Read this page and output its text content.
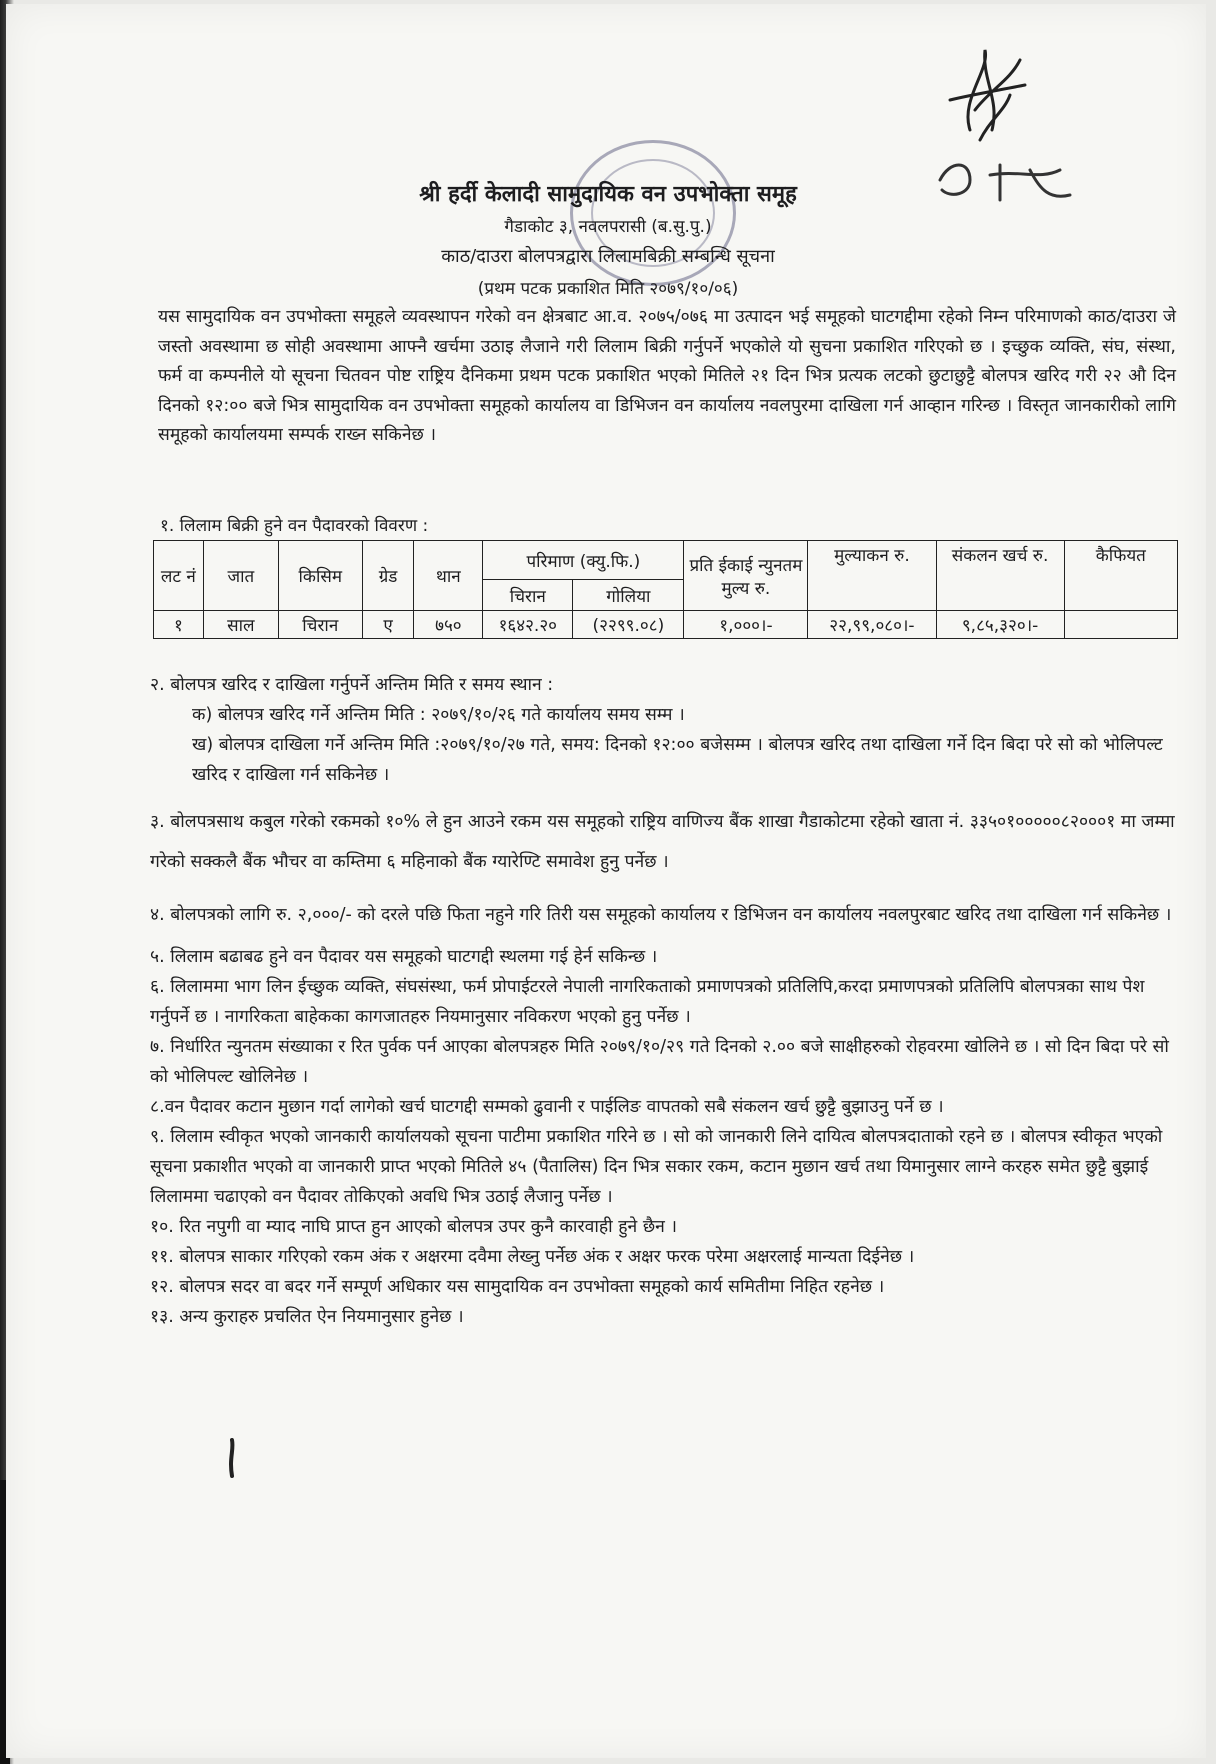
श्री हर्दी केलादी सामुदायिक वन उपभोक्ता समूह
गैडाकोट ३, नवलपरासी (ब.सु.पु.)
काठ/दाउरा बोलपत्रद्वारा लिलामबिक्री सम्बन्धि सूचना
(प्रथम पटक प्रकाशित मिति २०७९/१०/०६)

यस सामुदायिक वन उपभोक्ता समूहले व्यवस्थापन गरेको वन क्षेत्रबाट आ.व. २०७५/०७६ मा उत्पादन भई समूहको घाटगद्दीमा रहेको निम्न परिमाणको काठ/दाउरा जे जस्तो अवस्थामा छ सोही अवस्थामा आफ्नै खर्चमा उठाइ लैजाने गरी लिलाम बिक्री गर्नुपर्ने भएकोले यो सुचना प्रकाशित गरिएको छ । इच्छुक व्यक्ति, संघ, संस्था, फर्म वा कम्पनीले यो सूचना चितवन पोष्ट राष्ट्रिय दैनिकमा प्रथम पटक प्रकाशित भएको मितिले २१ दिन भित्र प्रत्यक लटको छुटाछुट्टै बोलपत्र खरिद गरी २२ औ दिन दिनको १२:०० बजे भित्र सामुदायिक वन उपभोक्ता समूहको कार्यालय वा डिभिजन वन कार्यालय नवलपुरमा दाखिला गर्न आव्हान गरिन्छ । विस्तृत जानकारीको लागि समूहको कार्यालयमा सम्पर्क राख्न सकिनेछ ।

१. लिलाम बिक्री हुने वन पैदावरको विवरण :
लट नं	जात	किसिम	ग्रेड	थान	परिमाण (क्यु.फि.)		प्रति ईकाई न्युनतम मुल्य रु.	मुल्याकन रु.	संकलन खर्च रु.	कैफियत
					चिरान	गोलिया				
१	साल	चिरान	ए	७५०	१६४२.२०	(२२९९.०८)	१,०००।-	२२,९९,०८०।-	९,८५,३२०।-	

२. बोलपत्र खरिद र दाखिला गर्नुपर्ने अन्तिम मिति र समय स्थान :

क) बोलपत्र खरिद गर्ने अन्तिम मिति : २०७९/१०/२६ गते कार्यालय समय सम्म ।

ख) बोलपत्र दाखिला गर्ने अन्तिम मिति :२०७९/१०/२७ गते, समय: दिनको १२:०० बजेसम्म । बोलपत्र खरिद तथा दाखिला गर्ने दिन बिदा परे सो को भोलिपल्ट खरिद र दाखिला गर्न सकिनेछ ।

३. बोलपत्रसाथ कबुल गरेको रकमको १०% ले हुन आउने रकम यस समूहको राष्ट्रिय वाणिज्य बैंक शाखा गैडाकोटमा रहेको खाता नं. ३३५०१०००००८२०००१ मा जम्मा गरेको सक्कलै बैंक भौचर वा कम्तिमा ६ महिनाको बैंक ग्यारेण्टि समावेश हुनु पर्नेछ ।

४. बोलपत्रको लागि रु. २,०००/- को दरले पछि फिता नहुने गरि तिरी यस समूहको कार्यालय र डिभिजन वन कार्यालय नवलपुरबाट खरिद तथा दाखिला गर्न सकिनेछ ।

५. लिलाम बढाबढ हुने वन पैदावर यस समूहको घाटगद्दी स्थलमा गई हेर्न सकिन्छ ।

६. लिलाममा भाग लिन ईच्छुक व्यक्ति, संघसंस्था, फर्म प्रोपाईटरले नेपाली नागरिकताको प्रमाणपत्रको प्रतिलिपि,करदा प्रमाणपत्रको प्रतिलिपि बोलपत्रका साथ पेश गर्नुपर्ने छ । नागरिकता बाहेकका कागजातहरु नियमानुसार नविकरण भएको हुनु पर्नेछ ।

७. निर्धारित न्युनतम संख्याका र रित पुर्वक पर्न आएका बोलपत्रहरु मिति २०७९/१०/२९ गते दिनको २.०० बजे साक्षीहरुको रोहवरमा खोलिने छ । सो दिन बिदा परे सो को भोलिपल्ट खोलिनेछ ।

८.वन पैदावर कटान मुछान गर्दा लागेको खर्च घाटगद्दी सम्मको ढुवानी र पाईलिङ वापतको सबै संकलन खर्च छुट्टै बुझाउनु पर्ने छ ।

९. लिलाम स्वीकृत भएको जानकारी कार्यालयको सूचना पाटीमा प्रकाशित गरिने छ । सो को जानकारी लिने दायित्व बोलपत्रदाताको रहने छ । बोलपत्र स्वीकृत भएको सूचना प्रकाशीत भएको वा जानकारी प्राप्त भएको मितिले ४५ (पैतालिस) दिन भित्र सकार रकम, कटान मुछान खर्च तथा यिमानुसार लाग्ने करहरु समेत छुट्टै बुझाई लिलाममा चढाएको वन पैदावर तोकिएको अवधि भित्र उठाई लैजानु पर्नेछ ।

१०. रित नपुगी वा म्याद नाघि प्राप्त हुन आएको बोलपत्र उपर कुनै कारवाही हुने छैन ।

११. बोलपत्र साकार गरिएको रकम अंक र अक्षरमा दवैमा लेख्नु पर्नेछ अंक र अक्षर फरक परेमा अक्षरलाई मान्यता दिईनेछ ।

१२. बोलपत्र सदर वा बदर गर्ने सम्पूर्ण अधिकार यस सामुदायिक वन उपभोक्ता समूहको कार्य समितीमा निहित रहनेछ ।

१३. अन्य कुराहरु प्रचलित ऐन नियमानुसार हुनेछ ।
